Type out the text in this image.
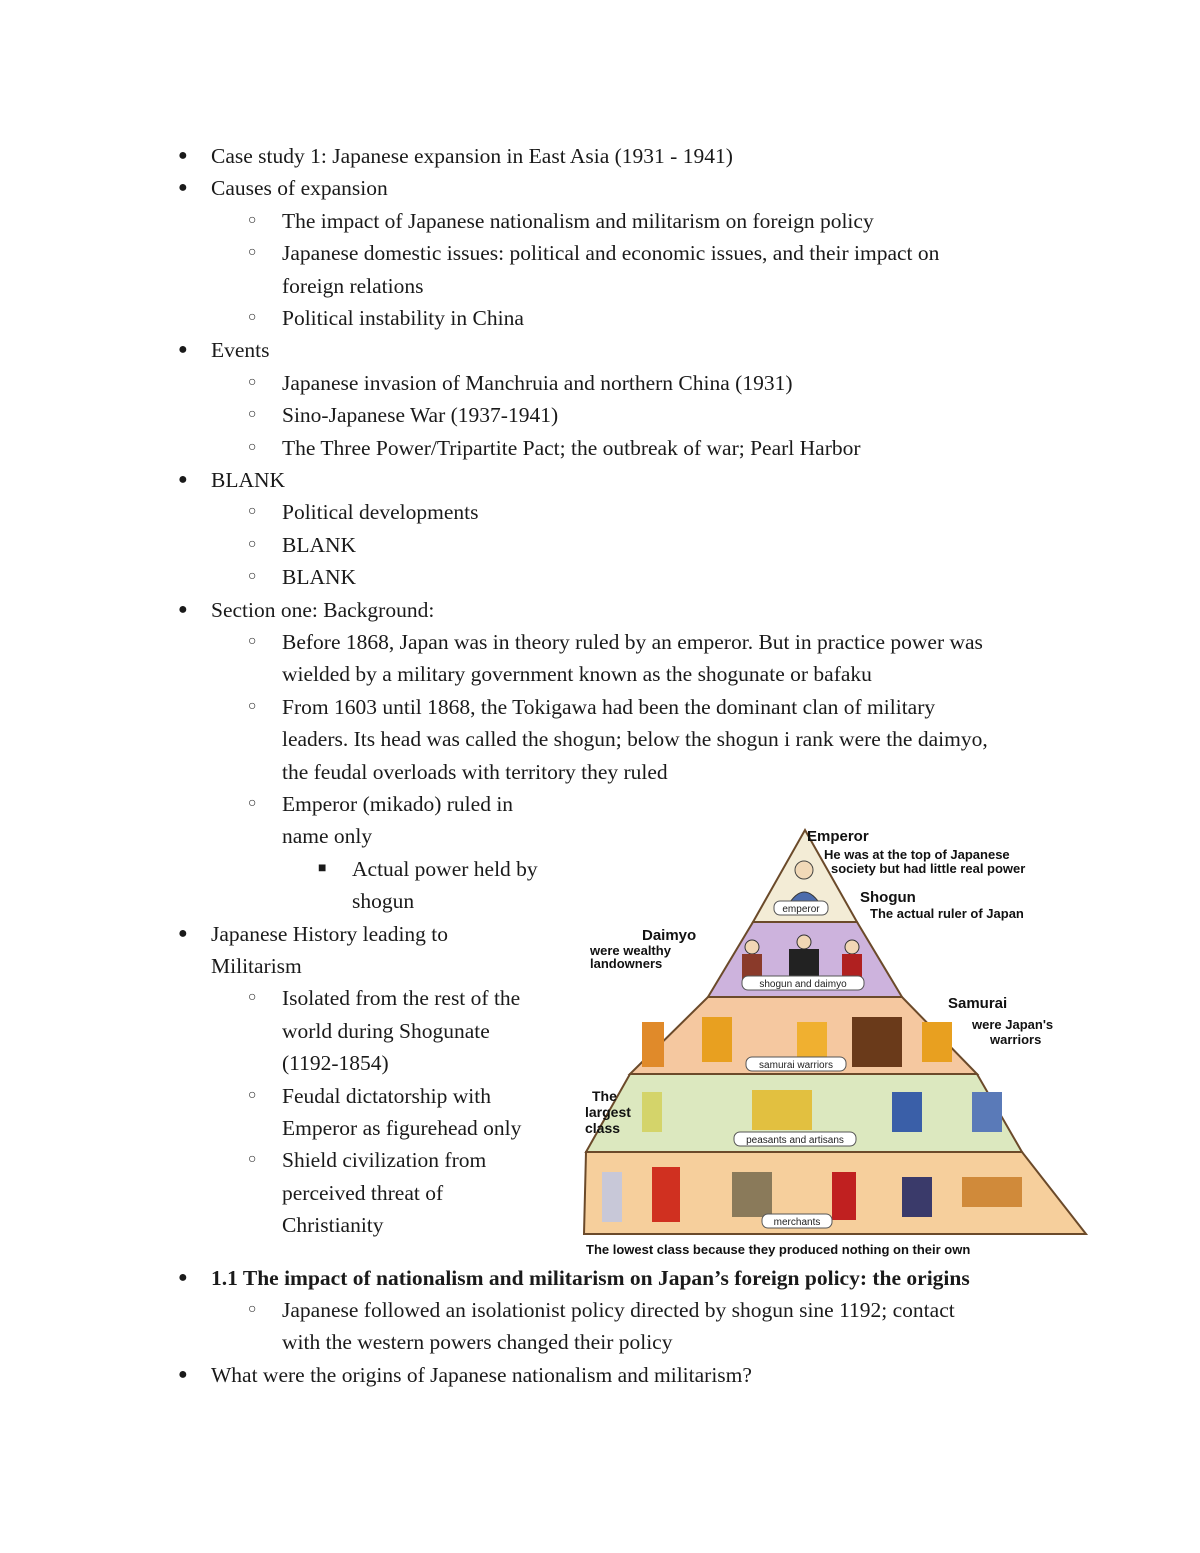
● Case study 1: Japanese expansion in East Asia (1931 - 1941)
● Causes of expansion
○ The impact of Japanese nationalism and militarism on foreign policy
○ Japanese domestic issues: political and economic issues, and their impact on
foreign relations
○ Political instability in China
● Events
○ Japanese invasion of Manchruia and northern China (1931)
○ Sino-Japanese War (1937-1941)
○ The Three Power/Tripartite Pact; the outbreak of war; Pearl Harbor
● BLANK
○ Political developments
○ BLANK
○ BLANK
● Section one: Background:
○ Before 1868, Japan was in theory ruled by an emperor. But in practice power was
wielded by a military government known as the shogunate or bafaku
○ From 1603 until 1868, the Tokigawa had been the dominant clan of military
leaders. Its head was called the shogun; below the shogun i rank were the daimyo,
the feudal overloads with territory they ruled
○ Emperor (mikado) ruled in
name only
■ Actual power held by
shogun
● Japanese History leading to
Militarism
○ Isolated from the rest of the
world during Shogunate
(1192-1854)
○ Feudal dictatorship with
Emperor as figurehead only
○ Shield civilization from
perceived threat of
Christianity
● 1.1 The impact of nationalism and militarism on Japan’s foreign policy: the origins
○ Japanese followed an isolationist policy directed by shogun sine 1192; contact
with the western powers changed their policy
● What were the origins of Japanese nationalism and militarism?
emperor
shogun and daimyo
samurai warriors
peasants and artisans
merchants
Emperor
He was at the top of Japanese
society but had little real power
Shogun
The actual ruler of Japan
Daimyo
were wealthy
landowners
Samurai
were Japan's
warriors
The
largest
class
The lowest class because they produced nothing on their own
